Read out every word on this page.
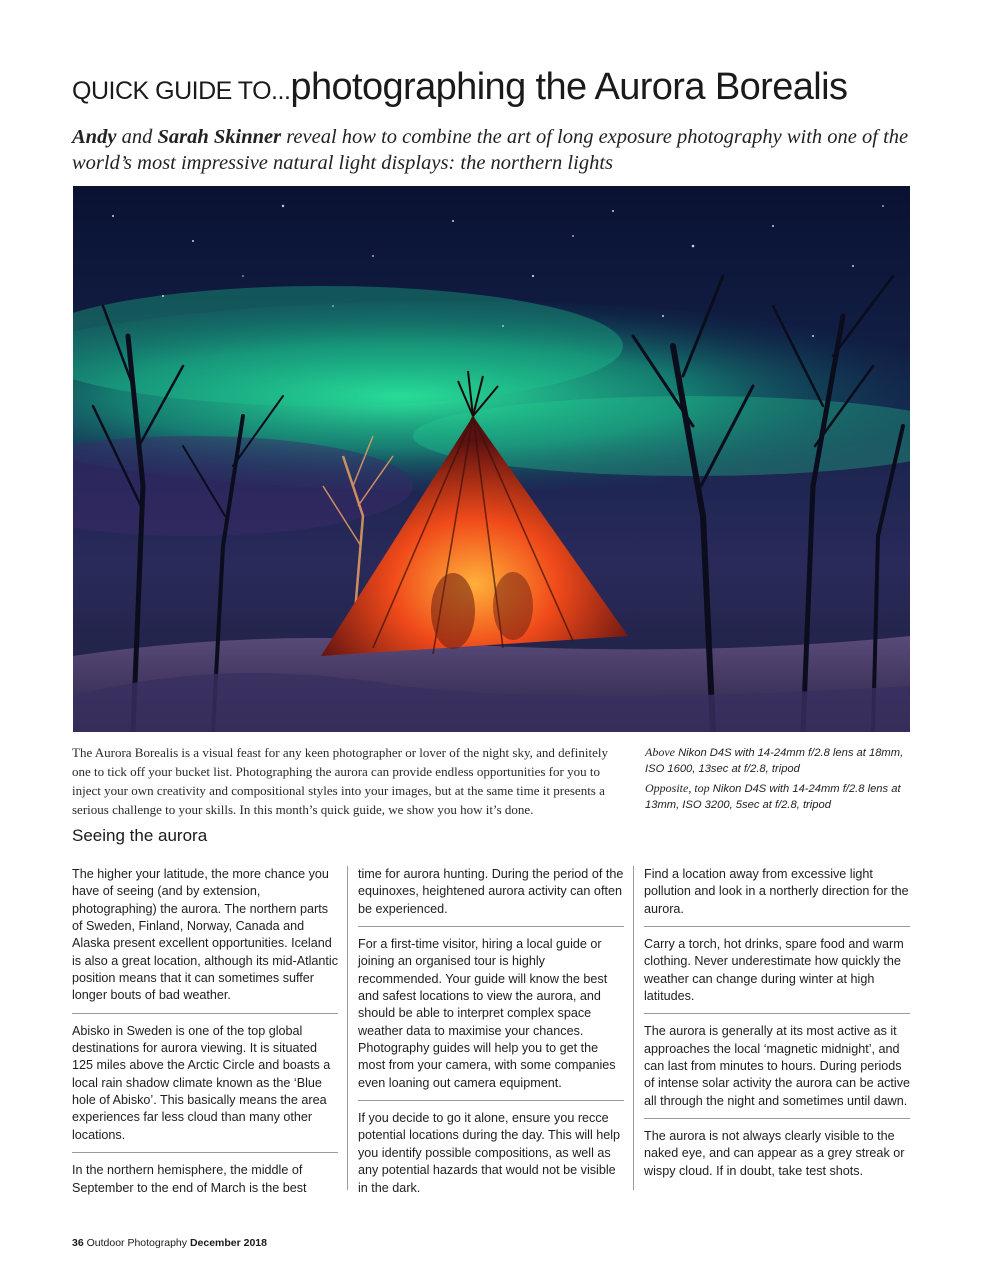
QUICK GUIDE TO...photographing the Aurora Borealis
Andy and Sarah Skinner reveal how to combine the art of long exposure photography with one of the world’s most impressive natural light displays: the northern lights

The Aurora Borealis is a visual feast for any keen photographer or lover of the night sky, and definitely one to tick off your bucket list. Photographing the aurora can provide endless opportunities for you to inject your own creativity and compositional styles into your images, but at the same time it presents a serious challenge to your skills. In this month’s quick guide, we show you how it’s done.

Above Nikon D4S with 14-24mm f/2.8 lens at 18mm, ISO 1600, 13sec at f/2.8, tripod

Opposite, top Nikon D4S with 14-24mm f/2.8 lens at 13mm, ISO 3200, 5sec at f/2.8, tripod

Seeing the aurora

The higher your latitude, the more chance you have of seeing (and by extension, photographing) the aurora. The northern parts of Sweden, Finland, Norway, Canada and Alaska present excellent opportunities. Iceland is also a great location, although its mid-Atlantic position means that it can sometimes suffer longer bouts of bad weather.

Abisko in Sweden is one of the top global destinations for aurora viewing. It is situated 125 miles above the Arctic Circle and boasts a local rain shadow climate known as the ‘Blue hole of Abisko’. This basically means the area experiences far less cloud than many other locations.

In the northern hemisphere, the middle of September to the end of March is the best

time for aurora hunting. During the period of the equinoxes, heightened aurora activity can often be experienced.

For a first-time visitor, hiring a local guide or joining an organised tour is highly recommended. Your guide will know the best and safest locations to view the aurora, and should be able to interpret complex space weather data to maximise your chances. Photography guides will help you to get the most from your camera, with some companies even loaning out camera equipment.

If you decide to go it alone, ensure you recce potential locations during the day. This will help you identify possible compositions, as well as any potential hazards that would not be visible in the dark.

Find a location away from excessive light pollution and look in a northerly direction for the aurora.

Carry a torch, hot drinks, spare food and warm clothing. Never underestimate how quickly the weather can change during winter at high latitudes.

The aurora is generally at its most active as it approaches the local ‘magnetic midnight’, and can last from minutes to hours. During periods of intense solar activity the aurora can be active all through the night and sometimes until dawn.

The aurora is not always clearly visible to the naked eye, and can appear as a grey streak or wispy cloud. If in doubt, take test shots.

36 Outdoor Photography December 2018
